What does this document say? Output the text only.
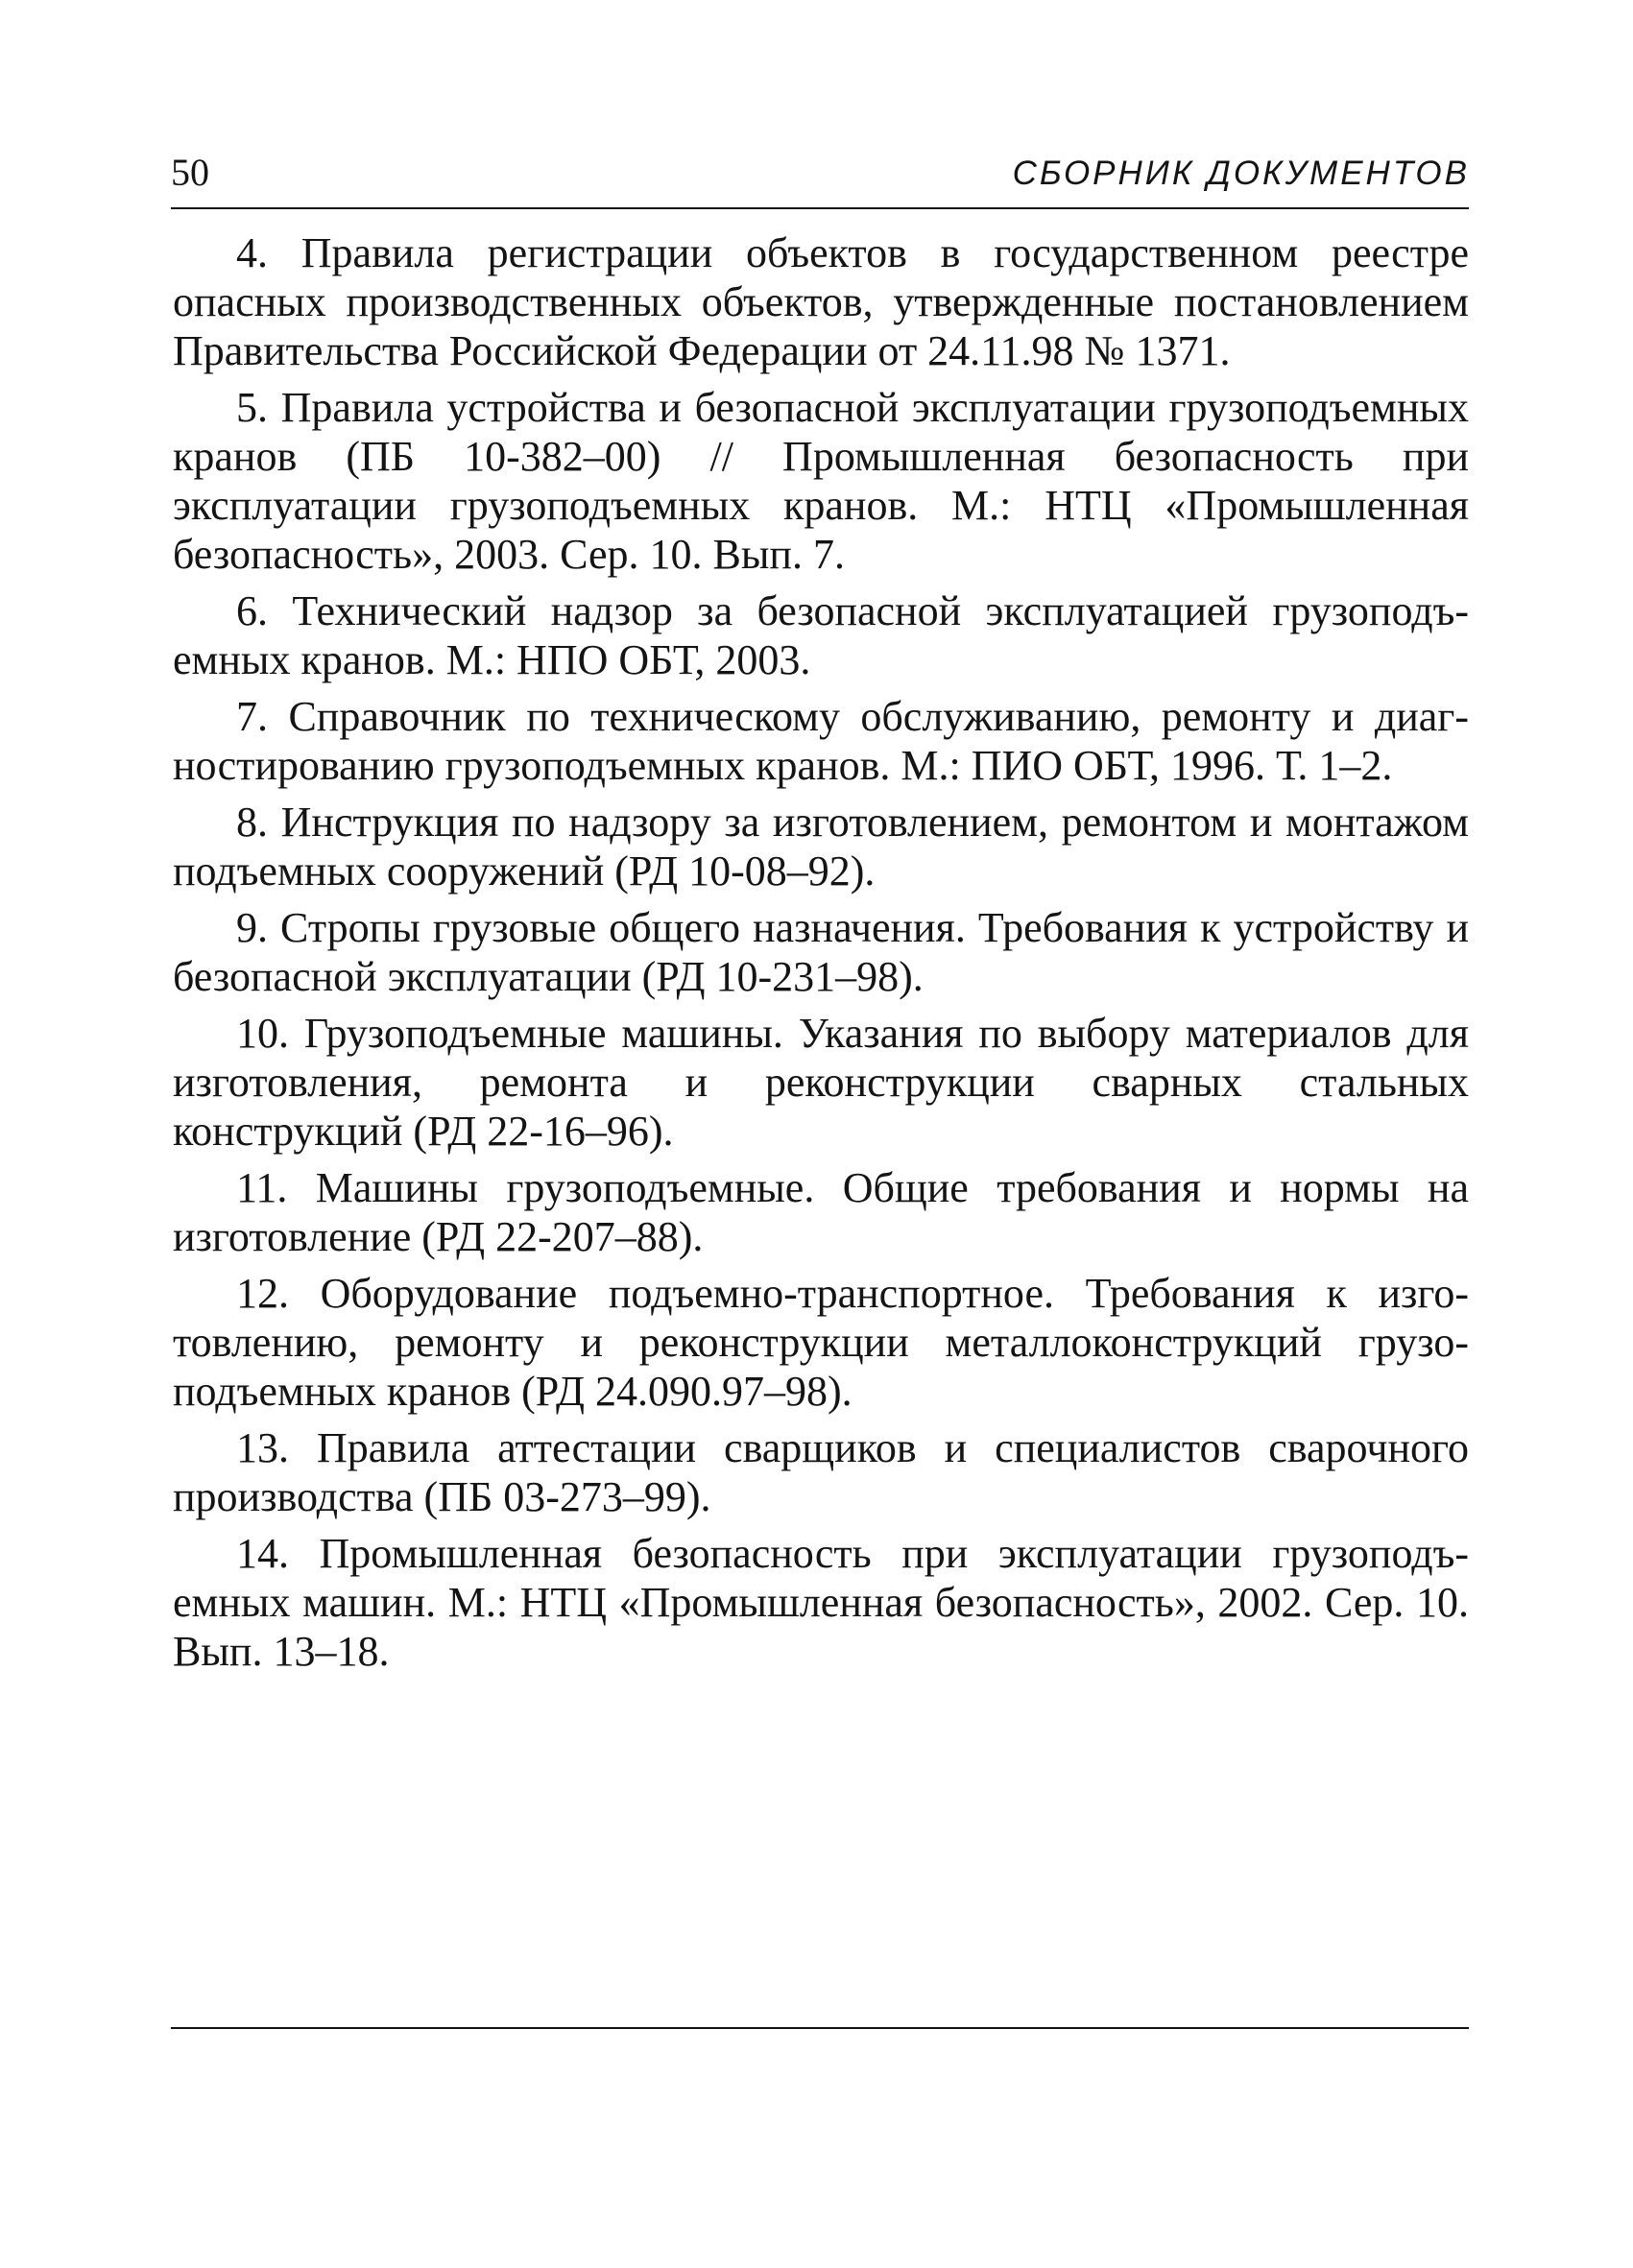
50	СБОРНИК ДОКУМЕНТОВ

4. Правила регистрации объектов в государственном реестре опасных производственных объектов, утвержденные постановлением Правительства Российской Федерации от 24.11.98 № 1371.

5. Правила устройства и безопасной эксплуатации грузоподъемных кранов (ПБ 10-382–00) // Промышленная безопасность при эксплуатации грузоподъемных кранов. М.: НТЦ «Промышленная безопасность», 2003. Сер. 10. Вып. 7.

6. Технический надзор за безопасной эксплуатацией грузоподъемных кранов. М.: НПО ОБТ, 2003.

7. Справочник по техническому обслуживанию, ремонту и диагностированию грузоподъемных кранов. М.: ПИО ОБТ, 1996. Т. 1–2.

8. Инструкция по надзору за изготовлением, ремонтом и монтажом подъемных сооружений (РД 10-08–92).

9. Стропы грузовые общего назначения. Требования к устройству и безопасной эксплуатации (РД 10-231–98).

10. Грузоподъемные машины. Указания по выбору материалов для изготовления, ремонта и реконструкции сварных стальных конструкций (РД 22-16–96).

11. Машины грузоподъемные. Общие требования и нормы на изготовление (РД 22-207–88).

12. Оборудование подъемно-транспортное. Требования к изготовлению, ремонту и реконструкции металлоконструкций грузоподъемных кранов (РД 24.090.97–98).

13. Правила аттестации сварщиков и специалистов сварочного производства (ПБ 03-273–99).

14. Промышленная безопасность при эксплуатации грузоподъемных машин. М.: НТЦ «Промышленная безопасность», 2002. Сер. 10. Вып. 13–18.
